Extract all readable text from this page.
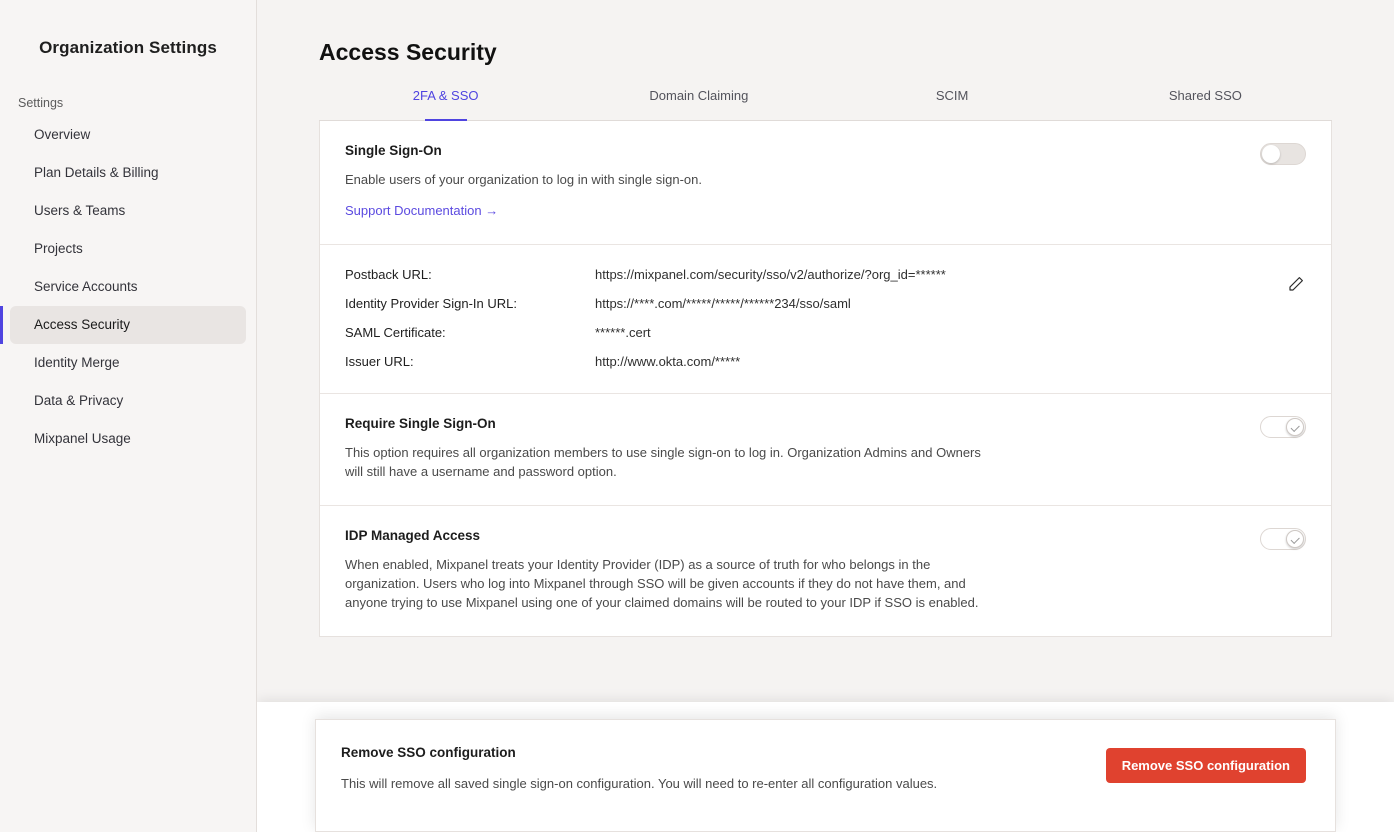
Organization Settings
Settings
Overview
Plan Details & Billing
Users & Teams
Projects
Service Accounts
Access Security
Identity Merge
Data & Privacy
Mixpanel Usage
Access Security
2FA & SSO	Domain Claiming	SCIM	Shared SSO
Single Sign-On
Enable users of your organization to log in with single sign-on.
Support Documentation →
Postback URL:	https://mixpanel.com/security/sso/v2/authorize/?org_id=******
Identity Provider Sign-In URL:	https://****.com/*****/*****/******234/sso/saml
SAML Certificate:	******.cert
Issuer URL:	http://www.okta.com/*****
Require Single Sign-On
This option requires all organization members to use single sign-on to log in. Organization Admins and Owners will still have a username and password option.
IDP Managed Access
When enabled, Mixpanel treats your Identity Provider (IDP) as a source of truth for who belongs in the organization. Users who log into Mixpanel through SSO will be given accounts if they do not have them, and anyone trying to use Mixpanel using one of your claimed domains will be routed to your IDP if SSO is enabled.
Remove SSO configuration
This will remove all saved single sign-on configuration. You will need to re-enter all configuration values.
Remove SSO configuration
